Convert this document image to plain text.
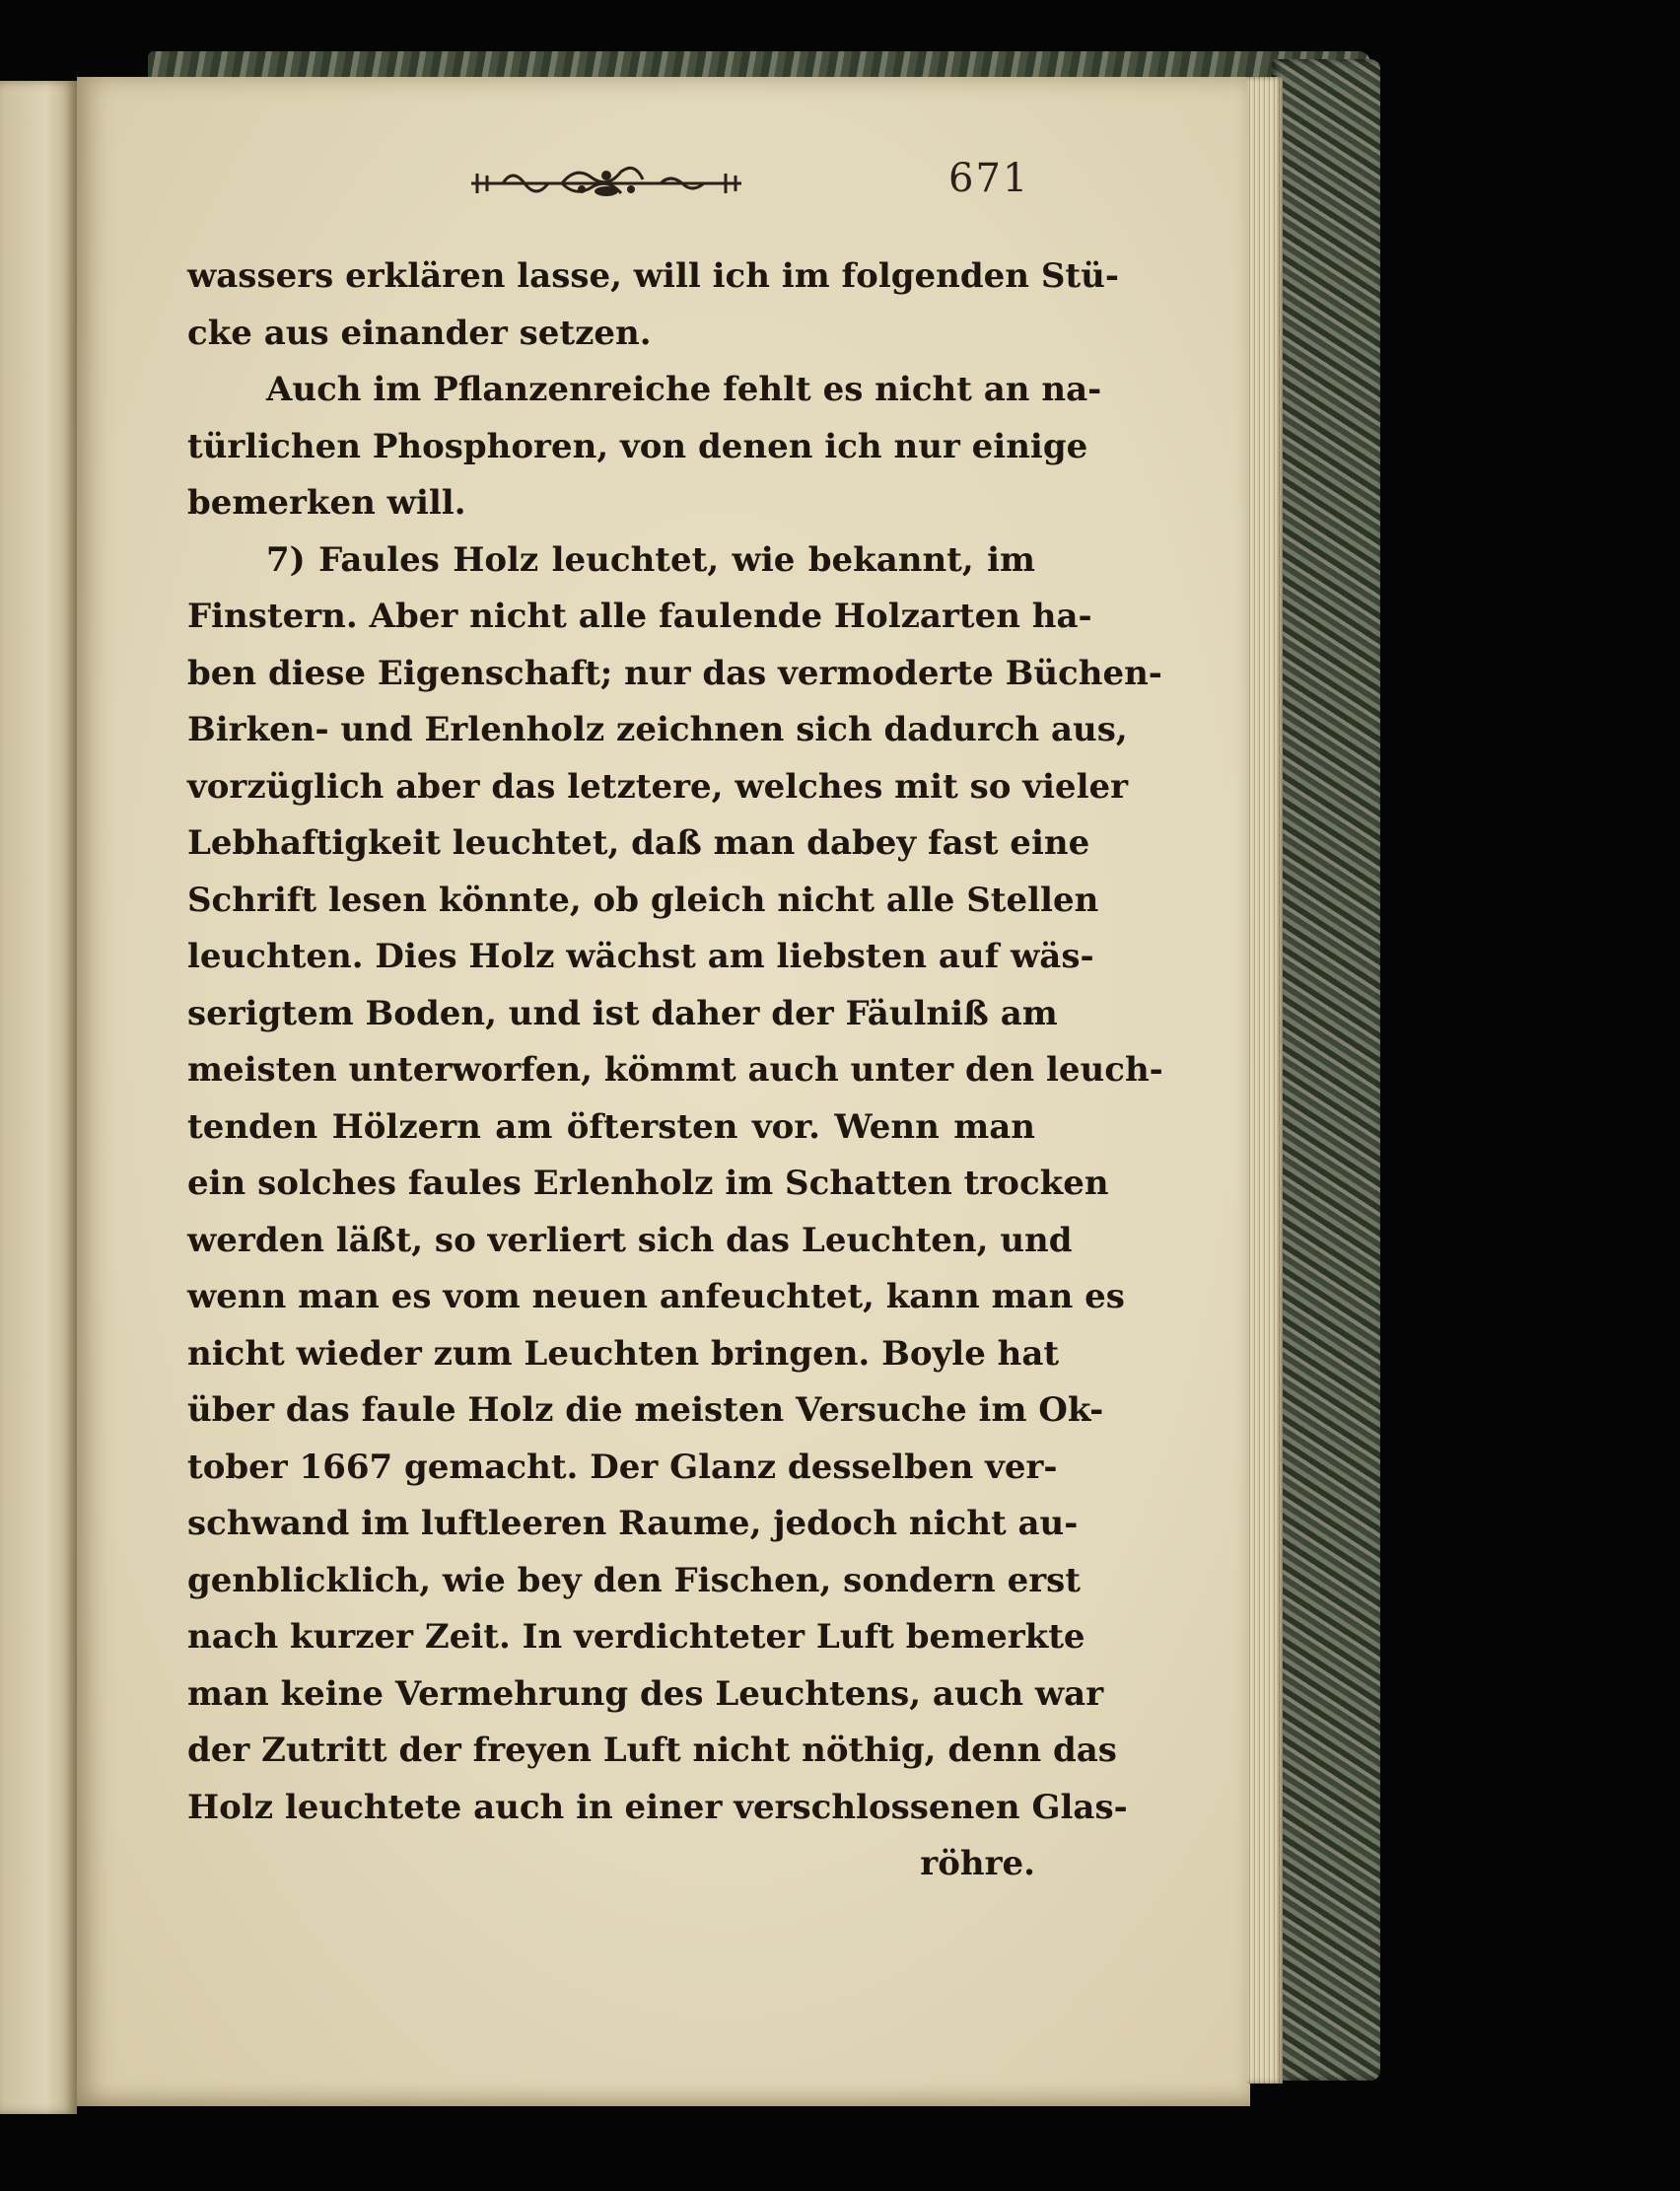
671
wassers erklären lasse, will ich im folgenden Stü-
cke aus einander setzen.
Auch im Pflanzenreiche fehlt es nicht an na-
türlichen Phosphoren, von denen ich nur einige
bemerken will.
7) Faules Holz leuchtet, wie bekannt, im
Finstern. Aber nicht alle faulende Holzarten ha-
ben diese Eigenschaft; nur das vermoderte Büchen-
Birken- und Erlenholz zeichnen sich dadurch aus,
vorzüglich aber das letztere, welches mit so vieler
Lebhaftigkeit leuchtet, daß man dabey fast eine
Schrift lesen könnte, ob gleich nicht alle Stellen
leuchten. Dies Holz wächst am liebsten auf wäs-
serigtem Boden, und ist daher der Fäulniß am
meisten unterworfen, kömmt auch unter den leuch-
tenden Hölzern am öftersten vor. Wenn man
ein solches faules Erlenholz im Schatten trocken
werden läßt, so verliert sich das Leuchten, und
wenn man es vom neuen anfeuchtet, kann man es
nicht wieder zum Leuchten bringen. Boyle hat
über das faule Holz die meisten Versuche im Ok-
tober 1667 gemacht. Der Glanz desselben ver-
schwand im luftleeren Raume, jedoch nicht au-
genblicklich, wie bey den Fischen, sondern erst
nach kurzer Zeit. In verdichteter Luft bemerkte
man keine Vermehrung des Leuchtens, auch war
der Zutritt der freyen Luft nicht nöthig, denn das
Holz leuchtete auch in einer verschlossenen Glas-
röhre.
